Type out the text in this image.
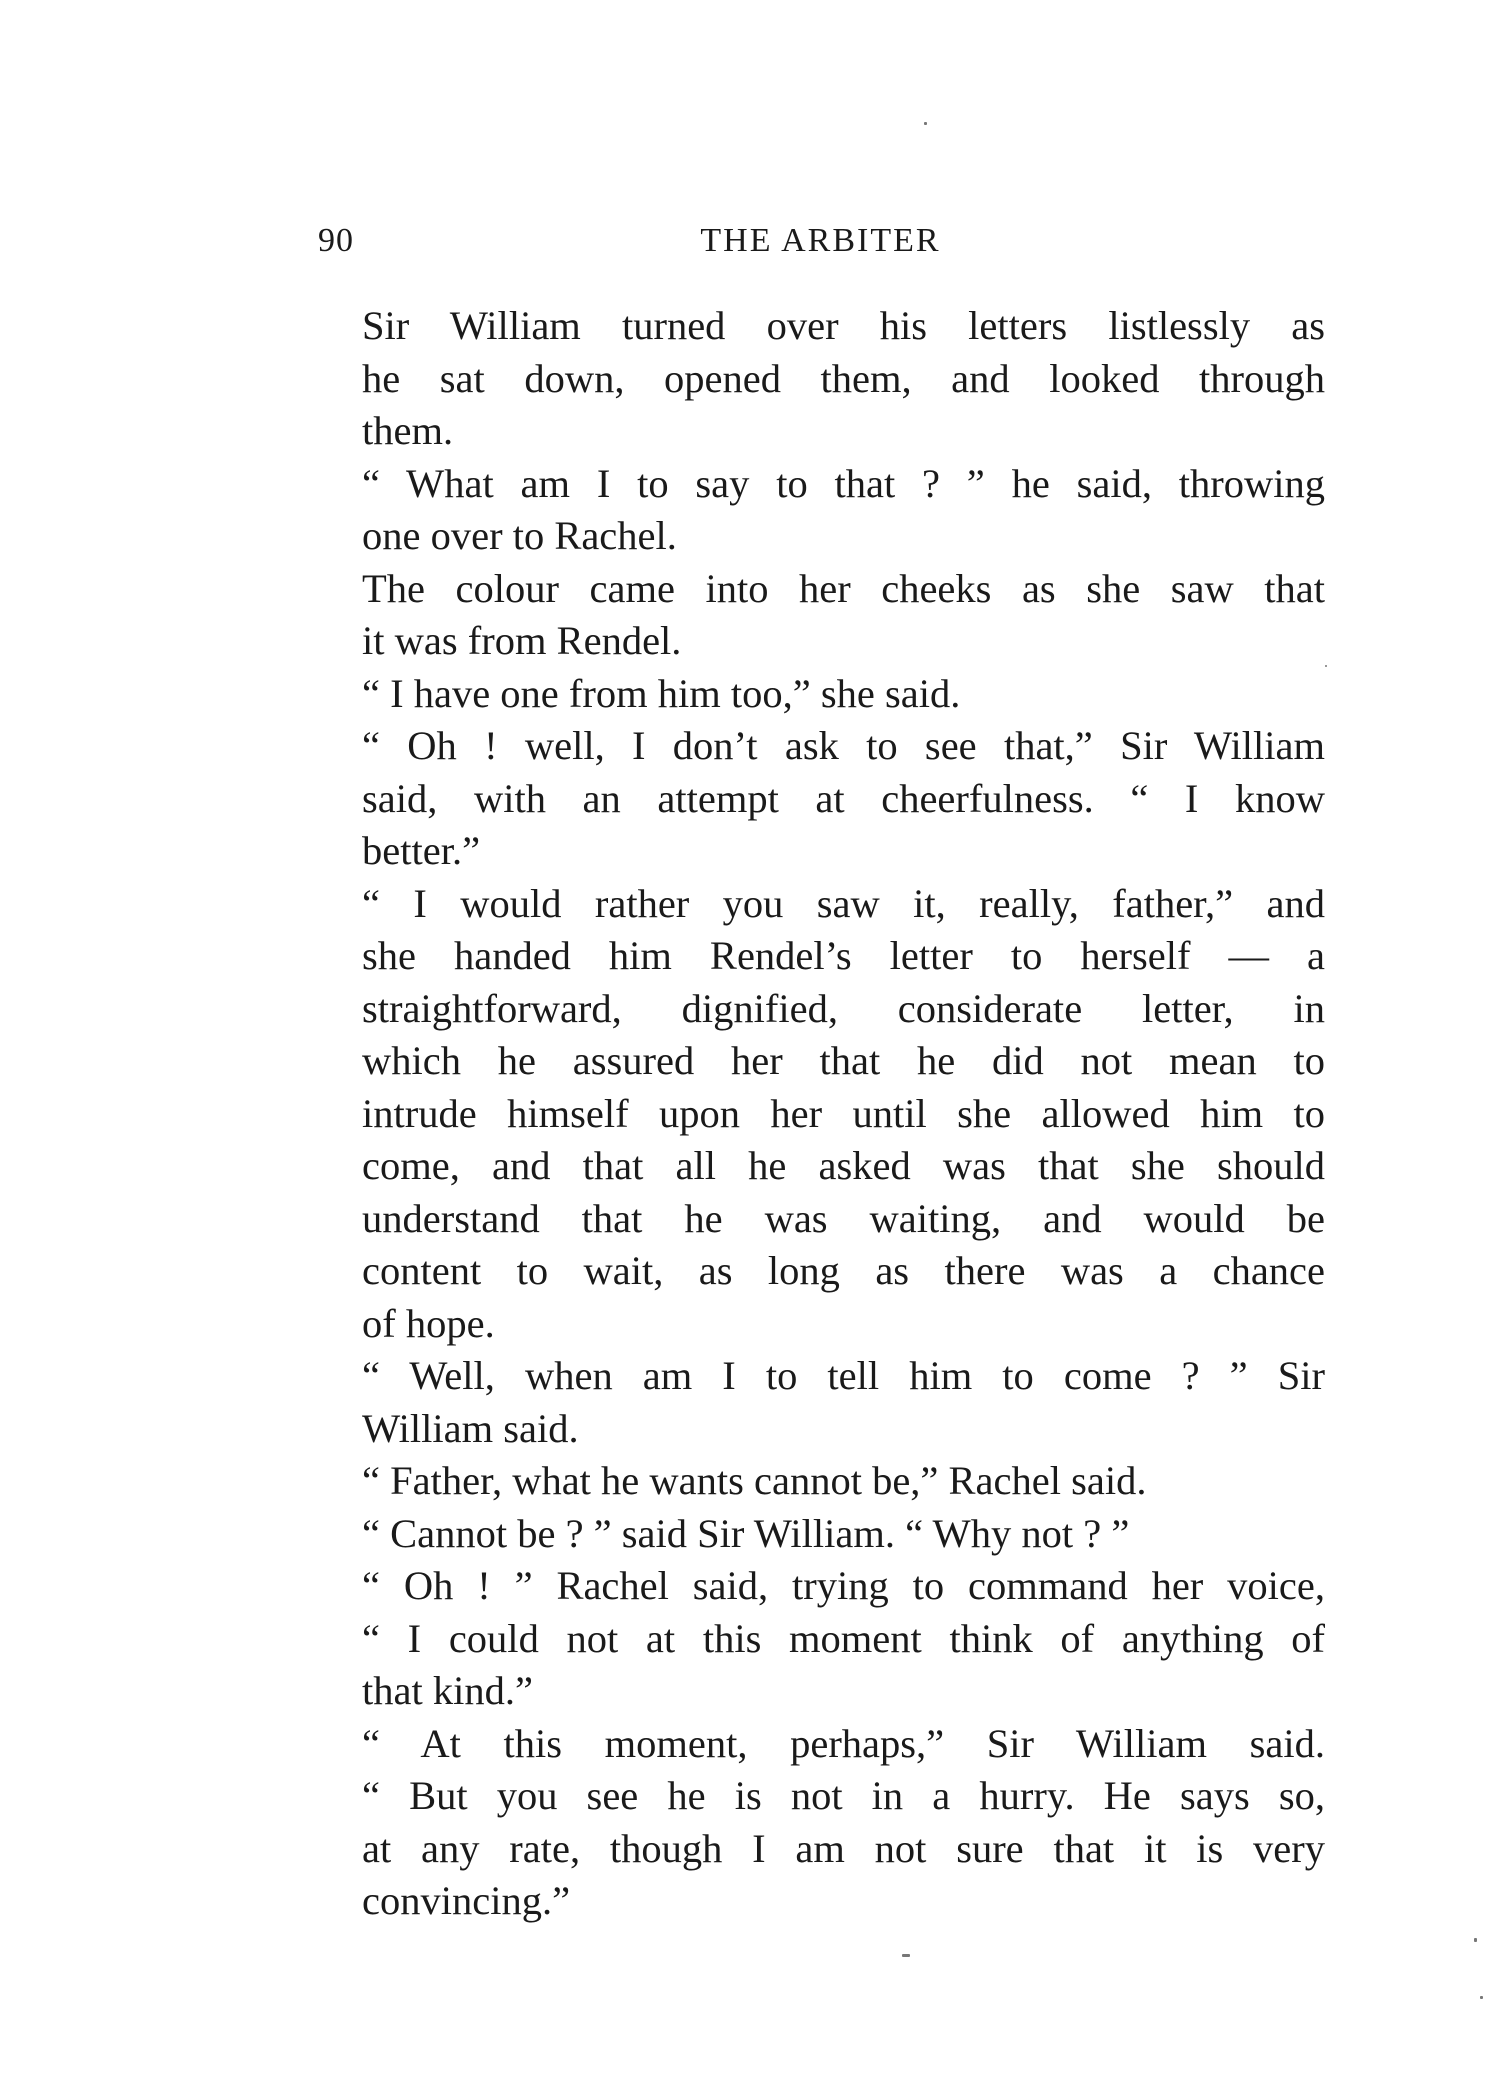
90	THE ARBITER

Sir William turned over his letters listlessly as
he sat down, opened them, and looked through
them.

“ What am I to say to that ? ” he said, throwing
one over to Rachel.

The colour came into her cheeks as she saw that
it was from Rendel.

“ I have one from him too,” she said.

“ Oh ! well, I don’t ask to see that,” Sir William
said, with an attempt at cheerfulness. “ I know
better.”

“ I would rather you saw it, really, father,” and
she handed him Rendel’s letter to herself — a
straightforward, dignified, considerate letter, in
which he assured her that he did not mean to
intrude himself upon her until she allowed him to
come, and that all he asked was that she should
understand that he was waiting, and would be
content to wait, as long as there was a chance
of hope.

“ Well, when am I to tell him to come ? ” Sir
William said.

“ Father, what he wants cannot be,” Rachel said.

“ Cannot be ? ” said Sir William. “ Why not ? ”

“ Oh ! ” Rachel said, trying to command her voice,
“ I could not at this moment think of anything of
that kind.”

“ At this moment, perhaps,” Sir William said.
“ But you see he is not in a hurry. He says so,
at any rate, though I am not sure that it is very
convincing.”
